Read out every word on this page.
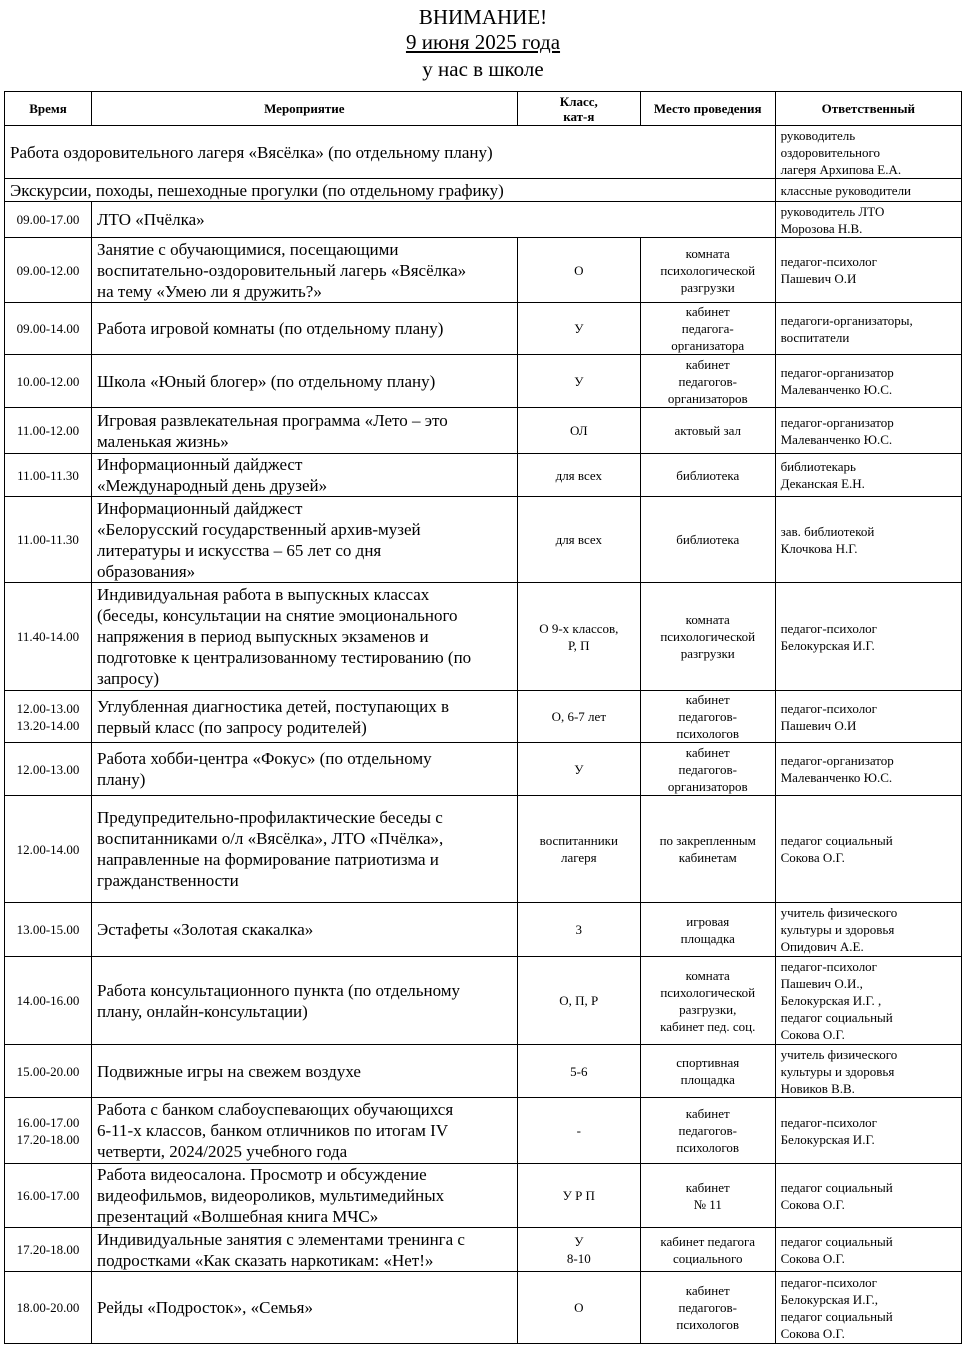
ВНИМАНИЕ!
9 июня 2025 года
у нас в школе
Время	Мероприятие	Класс,
кат-я	Место проведения	Ответственный
Работа оздоровительного лагеря «Вясёлка» (по отдельному плану)				руководитель
оздоровительного
лагеря Архипова Е.А.
Экскурсии, походы, пешеходные прогулки (по отдельному графику)				классные руководители
09.00-17.00	ЛТО «Пчёлка»			руководитель ЛТО
Морозова Н.В.
09.00-12.00	Занятие с обучающимися, посещающими
воспитательно-оздоровительный лагерь «Вясёлка»
на тему «Умею ли я дружить?»	О	комната
психологической
разгрузки	педагог-психолог
Пашевич О.И
09.00-14.00	Работа игровой комнаты (по отдельному плану)	У	кабинет
педагога-
организатора	педагоги-организаторы,
воспитатели
10.00-12.00	Школа «Юный блогер» (по отдельному плану)	У	кабинет
педагогов-
организаторов	педагог-организатор
Малеванченко Ю.С.
11.00-12.00	Игровая развлекательная программа «Лето – это
маленькая жизнь»	ОЛ	актовый зал	педагог-организатор
Малеванченко Ю.С.
11.00-11.30	Информационный дайджест
«Международный день друзей»	для всех	библиотека	библиотекарь
Деканская Е.Н.
11.00-11.30	Информационный дайджест
«Белорусский государственный архив-музей
литературы и искусства – 65 лет со дня
образования»	для всех	библиотека	зав. библиотекой
Клочкова Н.Г.
11.40-14.00	Индивидуальная работа в выпускных классах
(беседы, консультации на снятие эмоционального
напряжения в период выпускных экзаменов и
подготовке к централизованному тестированию (по
запросу)	О 9-х классов,
Р, П	комната
психологической
разгрузки	педагог-психолог
Белокурская И.Г.
12.00-13.00
13.20-14.00	Углубленная диагностика детей, поступающих в
первый класс (по запросу родителей)	О, 6-7 лет	кабинет
педагогов-
психологов	педагог-психолог
Пашевич О.И
12.00-13.00	Работа хобби-центра «Фокус» (по отдельному
плану)	У	кабинет
педагогов-
организаторов	педагог-организатор
Малеванченко Ю.С.
12.00-14.00	Предупредительно-профилактические беседы с
воспитанниками о/л «Вясёлка», ЛТО «Пчёлка»,
направленные на формирование патриотизма и
гражданственности	воспитанники
лагеря	по закрепленным
кабинетам	педагог социальный
Сокова О.Г.
13.00-15.00	Эстафеты «Золотая скакалка»	3	игровая
площадка	учитель физического
культуры и здоровья
Опидович А.Е.
14.00-16.00	Работа консультационного пункта (по отдельному
плану, онлайн-консультации)	О, П, Р	комната
психологической
разгрузки,
кабинет пед. соц.	педагог-психолог
Пашевич О.И.,
Белокурская И.Г. ,
педагог социальный
Сокова О.Г.
15.00-20.00	Подвижные игры на свежем воздухе	5-6	спортивная
площадка	учитель физического
культуры и здоровья
Новиков В.В.
16.00-17.00
17.20-18.00	Работа с банком слабоуспевающих обучающихся
6-11-х классов, банком отличников по итогам IV
четверти, 2024/2025 учебного года	-	кабинет
педагогов-
психологов	педагог-психолог
Белокурская И.Г.
16.00-17.00	Работа видеосалона. Просмотр и обсуждение
видеофильмов, видеороликов, мультимедийных
презентаций «Волшебная книга МЧС»	У Р П	кабинет
№ 11	педагог социальный
Сокова О.Г.
17.20-18.00	Индивидуальные занятия с элементами тренинга с
подростками «Как сказать наркотикам: «Нет!»	У
8-10	кабинет педагога
социального	педагог социальный
Сокова О.Г.
18.00-20.00	Рейды «Подросток», «Семья»	О	кабинет
педагогов-
психологов	педагог-психолог
Белокурская И.Г.,
педагог социальный
Сокова О.Г.
